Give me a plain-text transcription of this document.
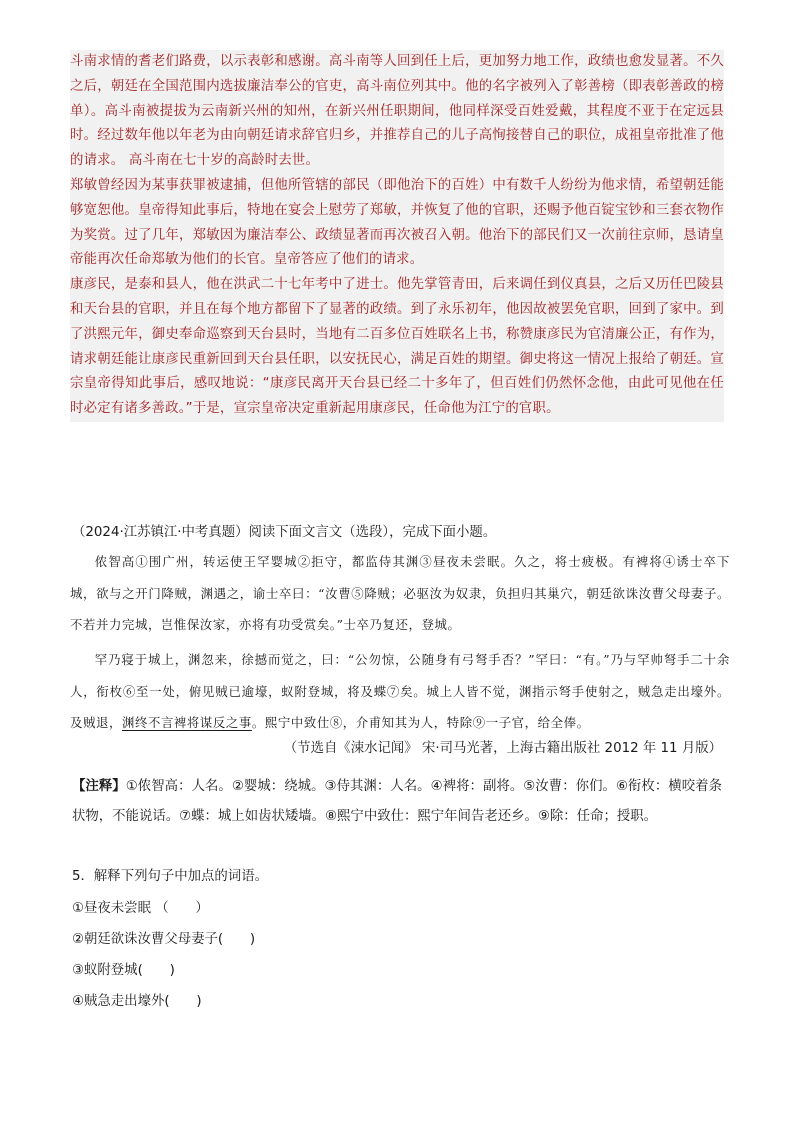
斗南求情的耆老们路费，以示表彰和感谢。高斗南等人回到任上后，更加努力地工作，政绩也愈发显著。不久之后，朝廷在全国范围内选拔廉洁奉公的官吏，高斗南位列其中。他的名字被列入了彰善榜（即表彰善政的榜单）。高斗南被提拔为云南新兴州的知州，在新兴州任职期间，他同样深受百姓爱戴，其程度不亚于在定远县时。经过数年他以年老为由向朝廷请求辞官归乡，并推荐自己的儿子高恂接替自己的职位，成祖皇帝批准了他的请求。 高斗南在七十岁的高龄时去世。

郑敏曾经因为某事获罪被逮捕，但他所管辖的部民（即他治下的百姓）中有数千人纷纷为他求情，希望朝廷能够宽恕他。皇帝得知此事后，特地在宴会上慰劳了郑敏，并恢复了他的官职，还赐予他百锭宝钞和三套衣物作为奖赏。过了几年，郑敏因为廉洁奉公、政绩显著而再次被召入朝。他治下的部民们又一次前往京师，恳请皇帝能再次任命郑敏为他们的长官。皇帝答应了他们的请求。

康彦民，是泰和县人，他在洪武二十七年考中了进士。他先掌管青田，后来调任到仪真县，之后又历任巴陵县和天台县的官职，并且在每个地方都留下了显著的政绩。到了永乐初年，他因故被罢免官职，回到了家中。到了洪熙元年，御史奉命巡察到天台县时，当地有二百多位百姓联名上书，称赞康彦民为官清廉公正，有作为，请求朝廷能让康彦民重新回到天台县任职，以安抚民心，满足百姓的期望。御史将这一情况上报给了朝廷。宣宗皇帝得知此事后，感叹地说：“康彦民离开天台县已经二十多年了，但百姓们仍然怀念他，由此可见他在任时必定有诸多善政。”于是，宣宗皇帝决定重新起用康彦民，任命他为江宁的官职。

（2024·江苏镇江·中考真题）阅读下面文言文（选段），完成下面小题。

侬智高①围广州，转运使王罕婴城②拒守，都监侍其渊③昼夜未尝眠。久之，将士疲极。有裨将④诱士卒下城，欲与之开门降贼，渊遇之，谕士卒曰：“汝曹⑤降贼；必驱汝为奴隶，负担归其巢穴，朝廷欲诛汝曹父母妻子。不若并力完城，岂惟保汝家，亦将有功受赏矣。”士卒乃复还，登城。

罕乃寝于城上，渊忽来，徐撼而觉之，曰：“公勿惊，公随身有弓弩手否？”罕曰：“有。”乃与罕帅弩手二十余人，衔枚⑥至一处，俯见贼已逾壕，蚁附登城，将及蝶⑦矣。城上人皆不觉，渊指示弩手使射之，贼急走出壕外。及贼退，渊终不言裨将谋反之事。熙宁中致仕⑧，介甫知其为人，特除⑨一子官，给全俸。

（节选自《涑水记闻》 宋·司马光著，上海古籍出版社 2012 年 11 月版）
【注释】①侬智高：人名。②婴城：绕城。③侍其渊：人名。④裨将：副将。⑤汝曹：你们。⑥衔枚：横咬着条 状物，不能说话。⑦蝶：城上如齿状矮墙。⑧熙宁中致仕：熙宁年间告老还乡。⑨除：任命；授职。
5．解释下列句子中加点的词语。
①昼夜未尝眠 （　　）
②朝廷欲诛汝曹父母妻子(　　)
③蚁附登城(　　)
④贼急走出壕外(　　)
